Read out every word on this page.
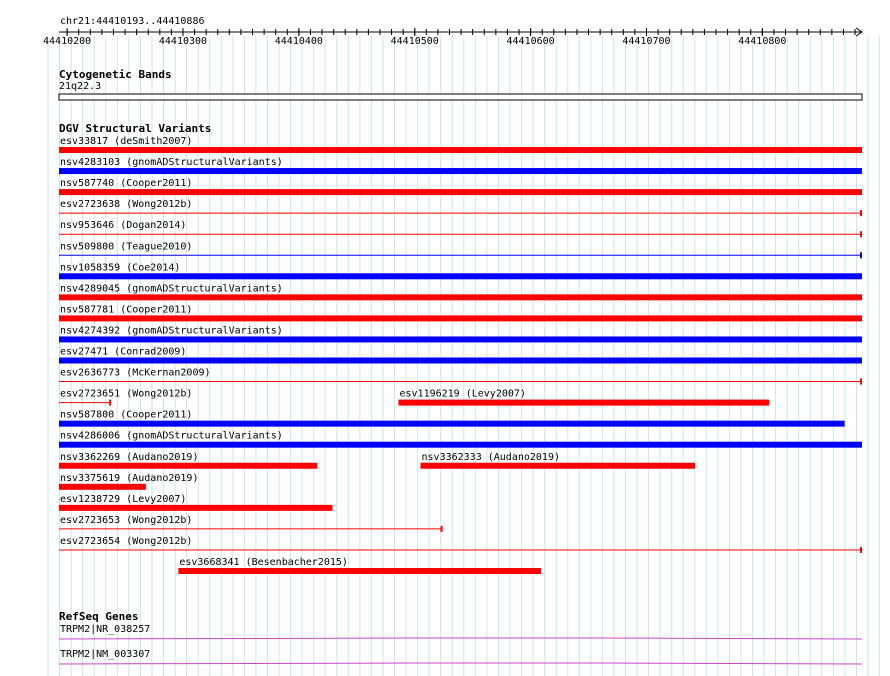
chr21:44410193..44410886
44410200	44410300	44410400	44410500	44410600	44410700	44410800
Cytogenetic Bands
21q22.3
DGV Structural Variants
esv33817 (deSmith2007)
nsv4283103 (gnomADStructuralVariants)
nsv587740 (Cooper2011)
esv2723638 (Wong2012b)
nsv953646 (Dogan2014)
nsv509800 (Teague2010)
nsv1058359 (Coe2014)
nsv4289045 (gnomADStructuralVariants)
nsv587781 (Cooper2011)
nsv4274392 (gnomADStructuralVariants)
esv27471 (Conrad2009)
esv2636773 (McKernan2009)
esv2723651 (Wong2012b)	esv1196219 (Levy2007)
nsv587800 (Cooper2011)
nsv4286006 (gnomADStructuralVariants)
nsv3362269 (Audano2019)	nsv3362333 (Audano2019)
nsv3375619 (Audano2019)
esv1238729 (Levy2007)
esv2723653 (Wong2012b)
esv2723654 (Wong2012b)
esv3668341 (Besenbacher2015)
RefSeq Genes
TRPM2|NR_038257
TRPM2|NM_003307
